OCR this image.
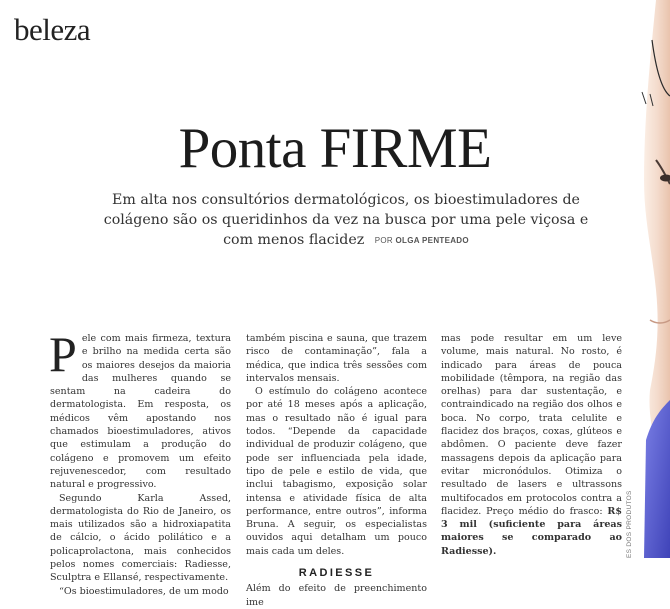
beleza
ES DOS PRODUTOS
Ponta FIRME
Em alta nos consultórios dermatológicos, os bioestimuladores de colágeno são os queridinhos da vez na busca por uma pele viçosa e com menos flacidez POR OLGA PENTEADO

Pele com mais firmeza, textura e brilho na medida certa são os maiores desejos da maioria das mulheres quando se sentam na cadeira do dermatologista. Em resposta, os médicos vêm apostando nos chamados bioestimuladores, ativos que estimulam a produção do colágeno e promovem um efeito rejuvenescedor, com resultado natural e progressivo.

Segundo Karla Assed, dermatologista do Rio de Janeiro, os mais utilizados são a hidroxiapatita de cálcio, o ácido polilático e a policaprolactona, mais conhecidos pelos nomes comerciais: Radiesse, Sculptra e Ellansé, respectivamente.

“Os bioestimuladores, de um modo

também piscina e sauna, que trazem risco de contaminação”, fala a médica, que indica três sessões com intervalos mensais.

O estímulo do colágeno acontece por até 18 meses após a aplicação, mas o resultado não é igual para todos. “Depende da capacidade individual de produzir colágeno, que pode ser influenciada pela idade, tipo de pele e estilo de vida, que inclui tabagismo, exposição solar intensa e atividade física de alta performance, entre outros”, informa Bruna. A seguir, os especialistas ouvidos aqui detalham um pouco mais cada um deles.

RADIESSE

Além do efeito de preenchimento ime

mas pode resultar em um leve volume, mais natural. No rosto, é indicado para áreas de pouca mobilidade (têmpora, na região das orelhas) para dar sustentação, e contraindicado na região dos olhos e boca. No corpo, trata celulite e flacidez dos braços, coxas, glúteos e abdômen. O paciente deve fazer massagens depois da aplicação para evitar micronódulos. Otimiza o resultado de lasers e ultrassons multifocados em protocolos contra a flacidez. Preço médio do frasco: R$ 3 mil (suficiente para áreas maiores se comparado ao Radiesse).
